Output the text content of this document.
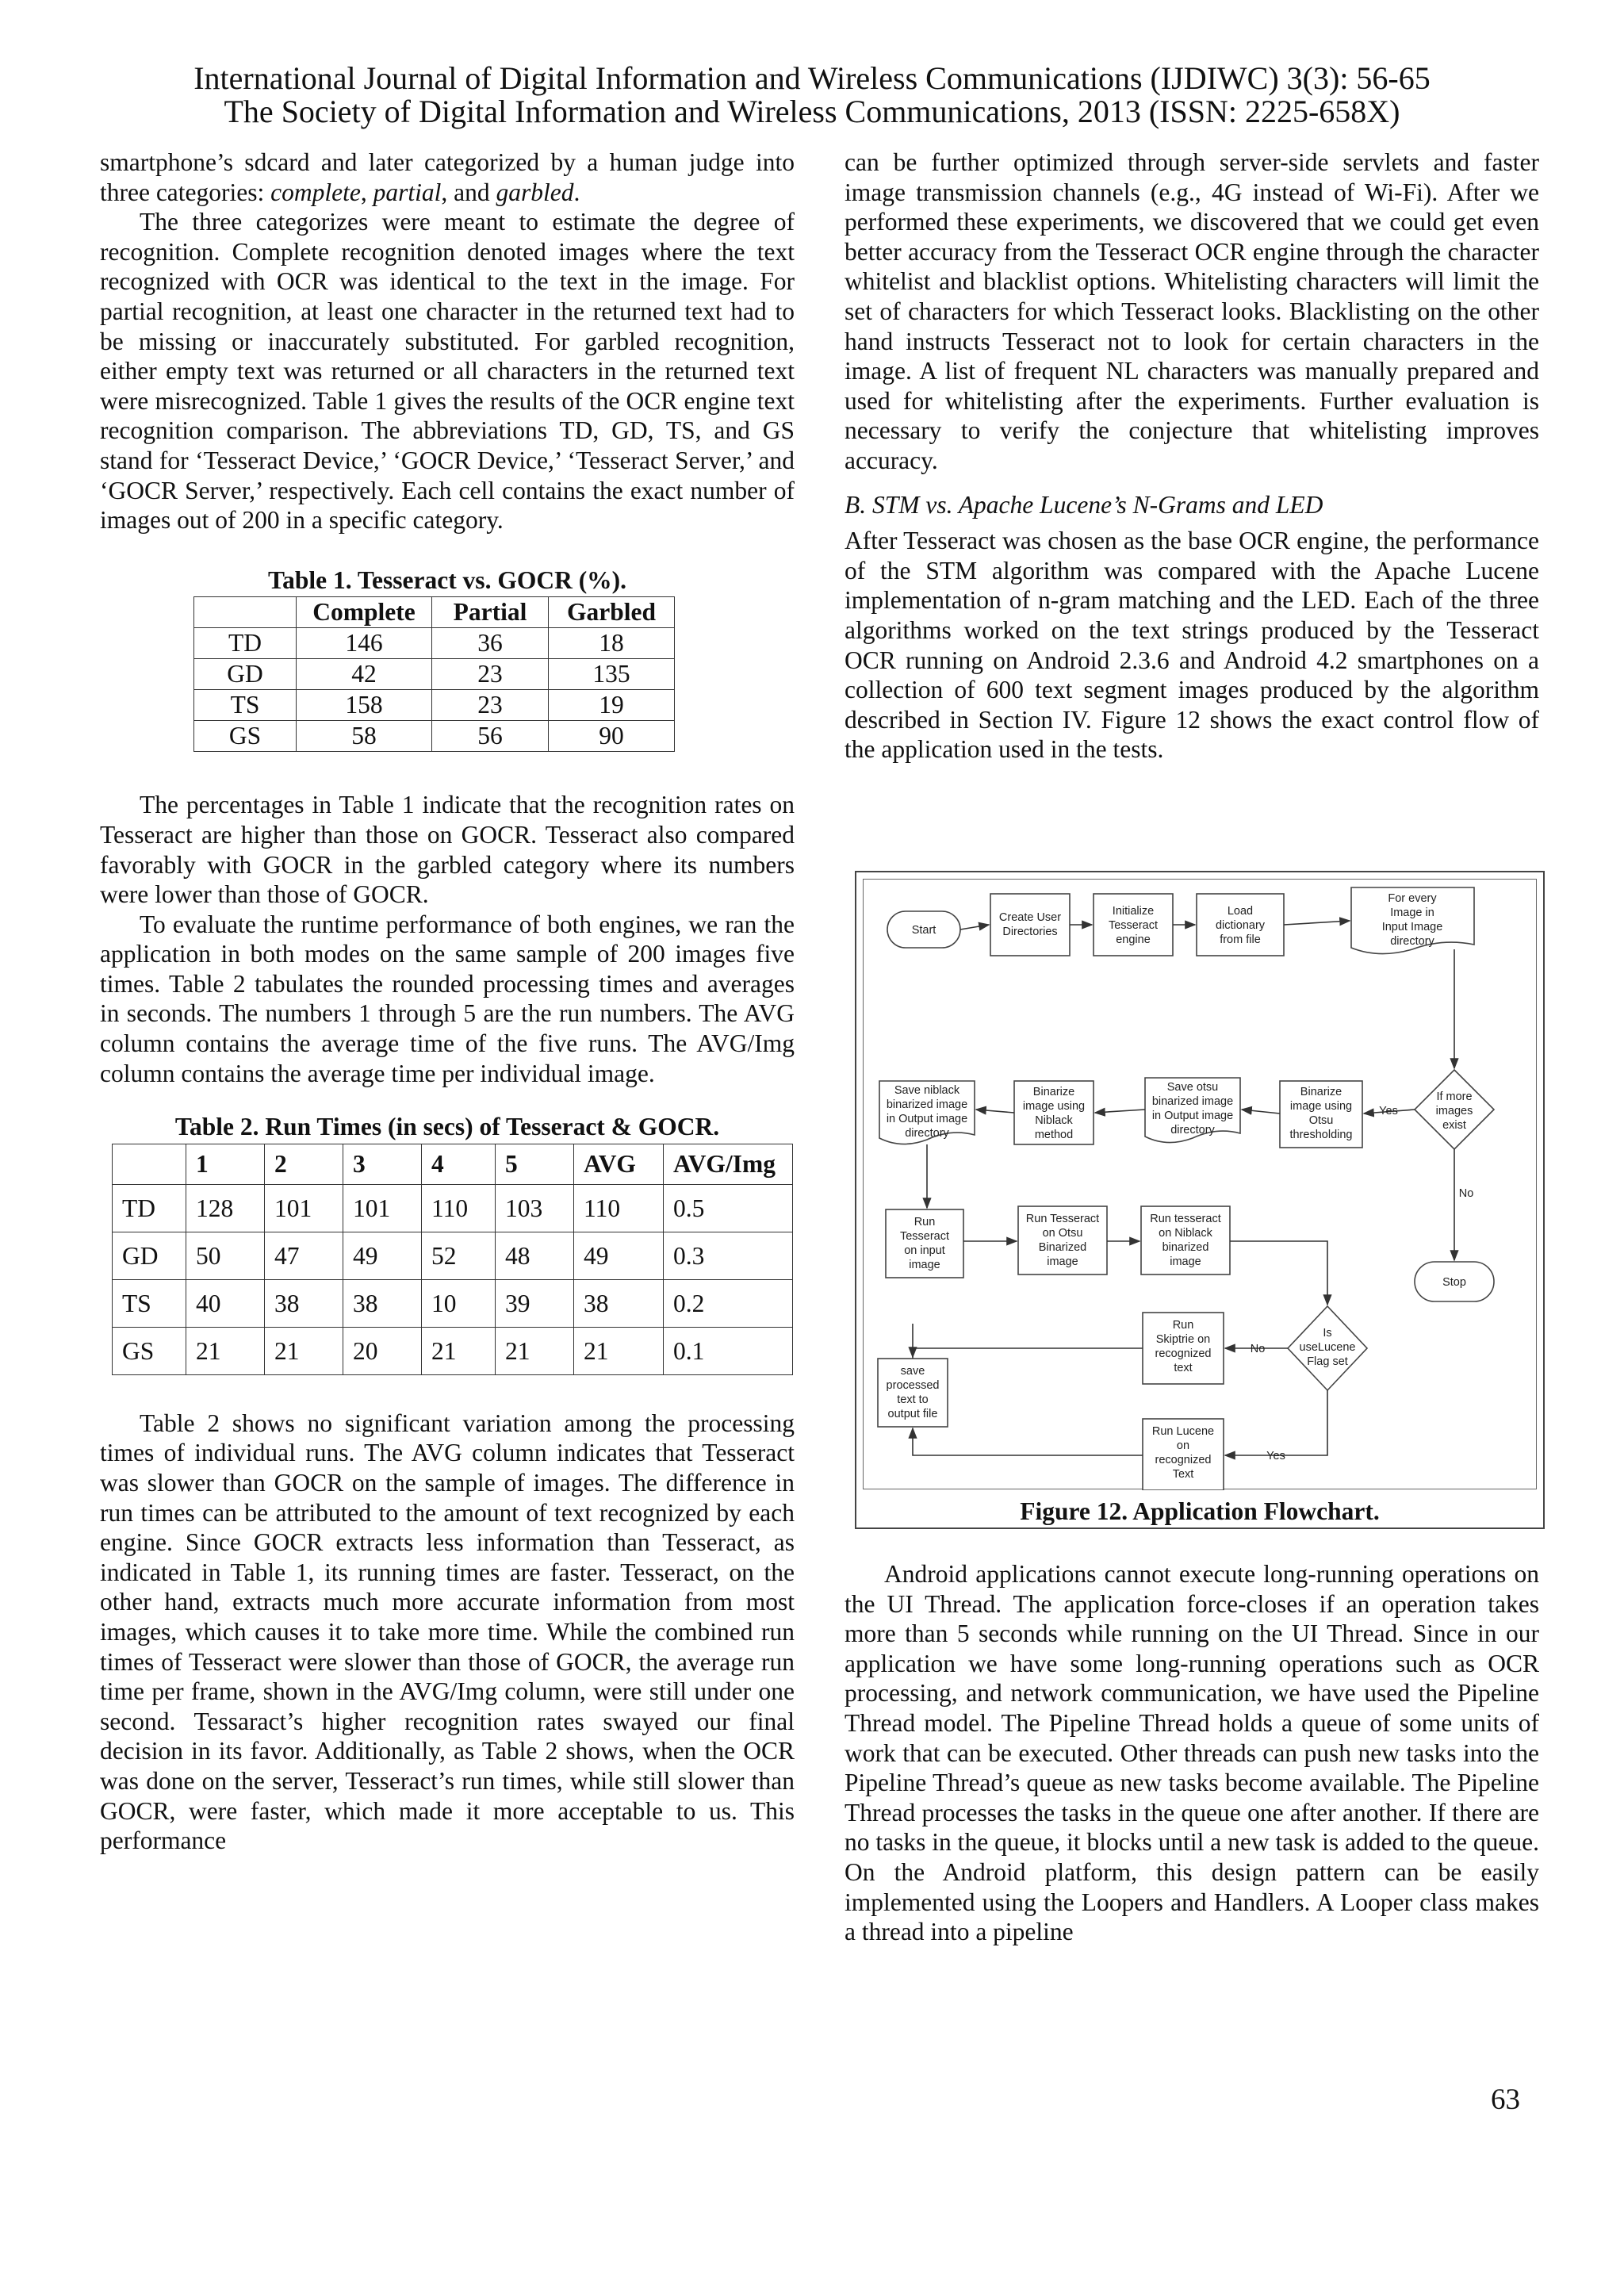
International Journal of Digital Information and Wireless Communications (IJDIWC) 3(3): 56-65
The Society of Digital Information and Wireless Communications, 2013 (ISSN: 2225-658X)

smartphone’s sdcard and later categorized by a human judge into three categories: complete, partial, and garbled.

The three categorizes were meant to estimate the degree of recognition. Complete recognition denoted images where the text recognized with OCR was identical to the text in the image. For partial recognition, at least one character in the returned text had to be missing or inaccurately substituted. For garbled recognition, either empty text was returned or all characters in the returned text were misrecognized. Table 1 gives the results of the OCR engine text recognition comparison. The abbreviations TD, GD, TS, and GS stand for ‘Tesseract Device,’ ‘GOCR Device,’ ‘Tesseract Server,’ and ‘GOCR Server,’ respectively. Each cell contains the exact number of images out of 200 in a specific category.

Table 1. Tesseract vs. GOCR (%).

	Complete	Partial	Garbled
TD	146	36	18
GD	42	23	135
TS	158	23	19
GS	58	56	90

The percentages in Table 1 indicate that the recognition rates on Tesseract are higher than those on GOCR. Tesseract also compared favorably with GOCR in the garbled category where its numbers were lower than those of GOCR.

To evaluate the runtime performance of both engines, we ran the application in both modes on the same sample of 200 images five times. Table 2 tabulates the rounded processing times and averages in seconds. The numbers 1 through 5 are the run numbers. The AVG column contains the average time of the five runs. The AVG/Img column contains the average time per individual image.

Table 2. Run Times (in secs) of Tesseract & GOCR.

	1	2	3	4	5	AVG	AVG/Img
TD	128	101	101	110	103	110	0.5
GD	50	47	49	52	48	49	0.3
TS	40	38	38	10	39	38	0.2
GS	21	21	20	21	21	21	0.1

Table 2 shows no significant variation among the processing times of individual runs. The AVG column indicates that Tesseract was slower than GOCR on the sample of images. The difference in run times can be attributed to the amount of text recognized by each engine. Since GOCR extracts less information than Tesseract, as indicated in Table 1, its running times are faster. Tesseract, on the other hand, extracts much more accurate information from most images, which causes it to take more time. While the combined run times of Tesseract were slower than those of GOCR, the average run time per frame, shown in the AVG/Img column, were still under one second. Tessaract’s higher recognition rates swayed our final decision in its favor. Additionally, as Table 2 shows, when the OCR was done on the server, Tesseract’s run times, while still slower than GOCR, were faster, which made it more acceptable to us. This performance

can be further optimized through server-side servlets and faster image transmission channels (e.g., 4G instead of Wi-Fi). After we performed these experiments, we discovered that we could get even better accuracy from the Tesseract OCR engine through the character whitelist and blacklist options. Whitelisting characters will limit the set of characters for which Tesseract looks. Blacklisting on the other hand instructs Tesseract not to look for certain characters in the image. A list of frequent NL characters was manually prepared and used for whitelisting after the experiments. Further evaluation is necessary to verify the conjecture that whitelisting improves accuracy.

B. STM vs. Apache Lucene’s N-Grams and LED

After Tesseract was chosen as the base OCR engine, the performance of the STM algorithm was compared with the Apache Lucene implementation of n-gram matching and the LED. Each of the three algorithms worked on the text strings produced by the Tesseract OCR running on Android 2.3.6 and Android 4.2 smartphones on a collection of 600 text segment images produced by the algorithm described in Section IV. Figure 12 shows the exact control flow of the application used in the tests.

Start
Create User
Directories
Initialize
Tesseract
engine
Load
dictionary
from file
For every
Image in
Input Image
directory
Save niblack
binarized image
in Output image
directory
Binarize
image using
Niblack
method
Save otsu
binarized image
in Output image
directory
Binarize
image using
Otsu
thresholding
If more
images
exist
Yes
No
Run
Tesseract
on input
image
Run Tesseract
on Otsu
Binarized
image
Run tesseract
on Niblack
binarized
image
Stop
Run
Skiptrie on
recognized
text
Is
useLucene
Flag set
No
save
processed
text to
output file
Run Lucene
on
recognized
Text
Yes
Figure 12. Application Flowchart.

Android applications cannot execute long-running operations on the UI Thread. The application force-closes if an operation takes more than 5 seconds while running on the UI Thread. Since in our application we have some long-running operations such as OCR processing, and network communication, we have used the Pipeline Thread model. The Pipeline Thread holds a queue of some units of work that can be executed. Other threads can push new tasks into the Pipeline Thread’s queue as new tasks become available. The Pipeline Thread processes the tasks in the queue one after another. If there are no tasks in the queue, it blocks until a new task is added to the queue. On the Android platform, this design pattern can be easily implemented using the Loopers and Handlers. A Looper class makes a thread into a pipeline

63
